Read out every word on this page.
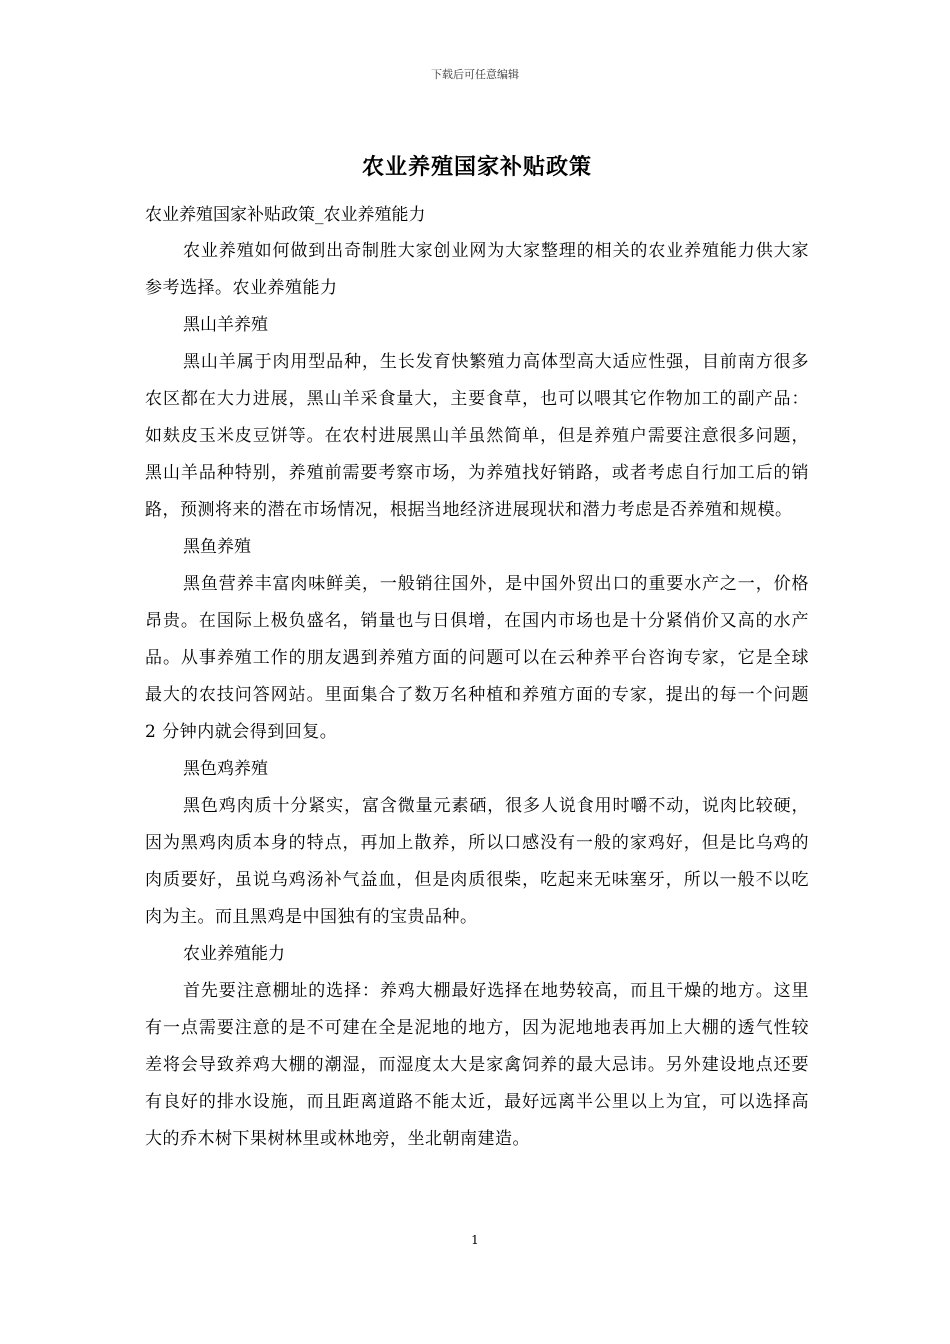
下载后可任意编辑
农业养殖国家补贴政策
农业养殖国家补贴政策_农业养殖能力

农业养殖如何做到出奇制胜大家创业网为大家整理的相关的农业养殖能力供大家参考选择。农业养殖能力

黑山羊养殖

黑山羊属于肉用型品种，生长发育快繁殖力高体型高大适应性强，目前南方很多农区都在大力进展，黑山羊采食量大，主要食草，也可以喂其它作物加工的副产品：如麸皮玉米皮豆饼等。在农村进展黑山羊虽然简单，但是养殖户需要注意很多问题，黑山羊品种特别，养殖前需要考察市场，为养殖找好销路，或者考虑自行加工后的销路，预测将来的潜在市场情况，根据当地经济进展现状和潜力考虑是否养殖和规模。

黑鱼养殖

黑鱼营养丰富肉味鲜美，一般销往国外，是中国外贸出口的重要水产之一，价格昂贵。在国际上极负盛名，销量也与日俱增，在国内市场也是十分紧俏价又高的水产品。从事养殖工作的朋友遇到养殖方面的问题可以在云种养平台咨询专家，它是全球最大的农技问答网站。里面集合了数万名种植和养殖方面的专家，提出的每一个问题 2 分钟内就会得到回复。

黑色鸡养殖

黑色鸡肉质十分紧实，富含微量元素硒，很多人说食用时嚼不动，说肉比较硬，因为黑鸡肉质本身的特点，再加上散养，所以口感没有一般的家鸡好，但是比乌鸡的肉质要好，虽说乌鸡汤补气益血，但是肉质很柴，吃起来无味塞牙，所以一般不以吃肉为主。而且黑鸡是中国独有的宝贵品种。

农业养殖能力

首先要注意棚址的选择：养鸡大棚最好选择在地势较高，而且干燥的地方。这里有一点需要注意的是不可建在全是泥地的地方，因为泥地地表再加上大棚的透气性较差将会导致养鸡大棚的潮湿，而湿度太大是家禽饲养的最大忌讳。另外建设地点还要有良好的排水设施，而且距离道路不能太近，最好远离半公里以上为宜，可以选择高大的乔木树下果树林里或林地旁，坐北朝南建造。

1
